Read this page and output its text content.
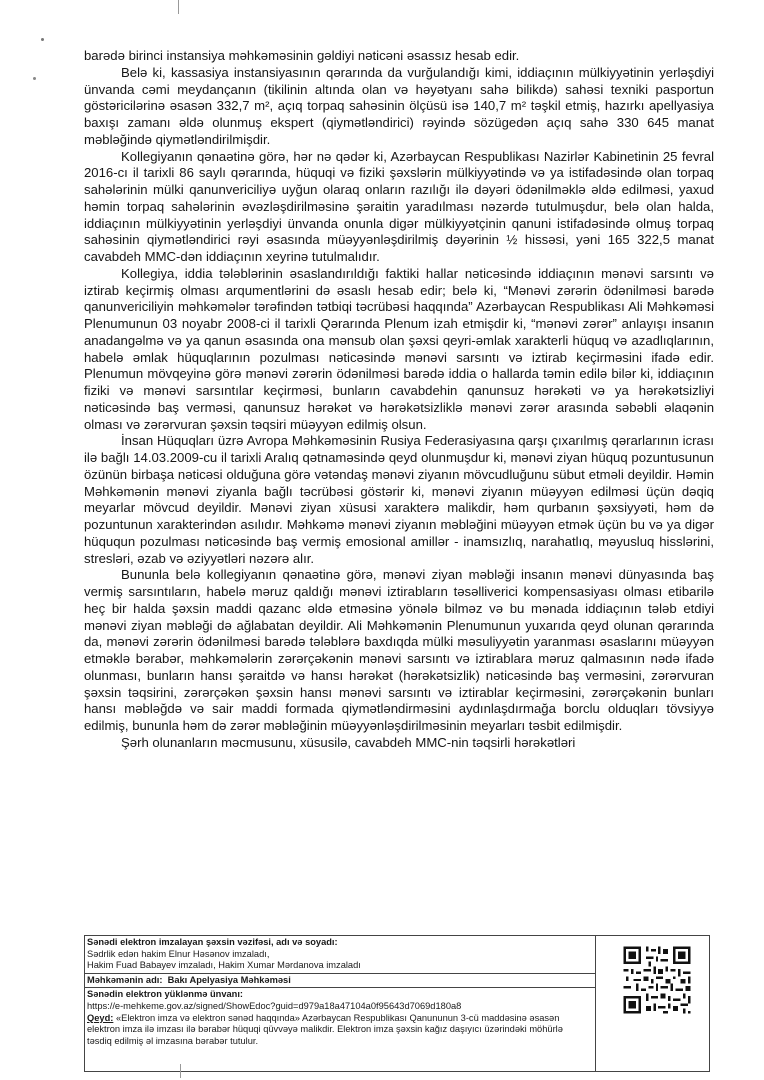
barədə birinci instansiya məhkəməsinin gəldiyi nəticəni əsassız hesab edir.

Belə ki, kassasiya instansiyasının qərarında da vurğulandığı kimi, iddiaçının mülkiyyətinin yerləşdiyi ünvanda cəmi meydançanın (tikilinin altında olan və həyətyanı sahə bilikdə) sahəsi texniki pasportun göstəricilərinə əsasən 332,7 m², açıq torpaq sahəsinin ölçüsü isə 140,7 m² təşkil etmiş, hazırkı apellyasiya baxışı zamanı əldə olunmuş ekspert (qiymətləndirici) rəyində sözügedən açıq sahə 330 645 manat məbləğində qiymətləndirilmişdir.

Kollegiyanın qənaətinə görə, hər nə qədər ki, Azərbaycan Respublikası Nazirlər Kabinetinin 25 fevral 2016-cı il tarixli 86 saylı qərarında, hüquqi və fiziki şəxslərin mülkiyyətində və ya istifadəsində olan torpaq sahələrinin mülki qanunvericiliyə uyğun olaraq onların razılığı ilə dəyəri ödənilməklə əldə edilməsi, yaxud həmin torpaq sahələrinin əvəzləşdirilməsinə şəraitin yaradılması nəzərdə tutulmuşdur, belə olan halda, iddiaçının mülkiyyətinin yerləşdiyi ünvanda onunla digər mülkiyyətçinin qanuni istifadəsində olmuş torpaq sahəsinin qiymətləndirici rəyi əsasında müəyyənləşdirilmiş dəyərinin ½ hissəsi, yəni 165 322,5 manat cavabdeh MMC-dən iddiaçının xeyrinə tutulmalıdır.

Kollegiya, iddia tələblərinin əsaslandırıldığı faktiki hallar nəticəsində iddiaçının mənəvi sarsıntı və iztirab keçirmiş olması arqumentlərini də əsaslı hesab edir; belə ki, “Mənəvi zərərin ödənilməsi barədə qanunvericiliyin məhkəmələr tərəfindən tətbiqi təcrübəsi haqqında” Azərbaycan Respublikası Ali Məhkəməsi Plenumunun 03 noyabr 2008-ci il tarixli Qərarında Plenum izah etmişdir ki, “mənəvi zərər” anlayışı insanın anadangəlmə və ya qanun əsasında ona mənsub olan şəxsi qeyri-əmlak xarakterli hüquq və azadlıqlarının, habelə əmlak hüquqlarının pozulması nəticəsində mənəvi sarsıntı və iztirab keçirməsini ifadə edir. Plenumun mövqeyinə görə mənəvi zərərin ödənilməsi barədə iddia o hallarda təmin edilə bilər ki, iddiaçının fiziki və mənəvi sarsıntılar keçirməsi, bunların cavabdehin qanunsuz hərəkəti və ya hərəkətsizliyi nəticəsində baş verməsi, qanunsuz hərəkət və hərəkətsizliklə mənəvi zərər arasında səbəbli əlaqənin olması və zərərvuran şəxsin təqsiri müəyyən edilmiş olsun.

İnsan Hüquqları üzrə Avropa Məhkəməsinin Rusiya Federasiyasına qarşı çıxarılmış qərarlarının icrası ilə bağlı 14.03.2009-cu il tarixli Aralıq qətnaməsində qeyd olunmuşdur ki, mənəvi ziyan hüquq pozuntusunun özünün birbaşa nəticəsi olduğuna görə vətəndaş mənəvi ziyanın mövcudluğunu sübut etməli deyildir. Həmin Məhkəmənin mənəvi ziyanla bağlı təcrübəsi göstərir ki, mənəvi ziyanın müəyyən edilməsi üçün dəqiq meyarlar mövcud deyildir. Mənəvi ziyan xüsusi xarakterə malikdir, həm qurbanın şəxsiyyəti, həm də pozuntunun xarakterindən asılıdır. Məhkəmə mənəvi ziyanın məbləğini müəyyən etmək üçün bu və ya digər hüququn pozulması nəticəsində baş vermiş emosional amillər - inamsızlıq, narahatlıq, məyusluq hisslərini, stresləri, əzab və əziyyətləri nəzərə alır.

Bununla belə kollegiyanın qənaətinə görə, mənəvi ziyan məbləği insanın mənəvi dünyasında baş vermiş sarsıntıların, habelə məruz qaldığı mənəvi iztirabların təsəllivericі kompensasiyası olması etibarilə heç bir halda şəxsin maddi qazanc əldə etməsinə yönələ bilməz və bu mənada iddiaçının tələb etdiyi mənəvi ziyan məbləği də ağlabatan deyildir. Ali Məhkəmənin Plenumunun yuxarıda qeyd olunan qərarında da, mənəvi zərərin ödənilməsi barədə tələblərə baxdıqda mülki məsuliyyətin yaranması əsaslarını müəyyən etməklə bərabər, məhkəmələrin zərərçəkənin mənəvi sarsıntı və iztirablara məruz qalmasının nədə ifadə olunması, bunların hansı şəraitdə və hansı hərəkət (hərəkətsizlik) nəticəsində baş verməsini, zərərvuran şəxsin təqsirini, zərərçəkən şəxsin hansı mənəvi sarsıntı və iztirablar keçirməsini, zərərçəkənin bunları hansı məbləğdə və sair maddi formada qiymətləndirməsini aydınlaşdırmağa borclu olduqları tövsiyyə edilmiş, bununla həm də zərər məbləğinin müəyyənləşdirilməsinin meyarları təsbit edilmişdir.

Şərh olunanların məcmusunu, xüsusilə, cavabdeh MMC-nin təqsirli hərəkətləri

Sənədi elektron imzalayan şəxsin vəzifəsi, adı və soyadı:
Sədrlik edən hakim Elnur Həsənov imzaladı,
Hakim Fuad Babayev imzaladı, Hakim Xumar Mərdanova imzaladı
Məhkəmənin adı: Bakı Apelyasiya Məhkəməsi
Sənədin elektron yüklənmə ünvanı:
https://e-mehkeme.gov.az/signed/ShowEdoc?guid=d979a18a47104a0f95643d7069d180a8
Qeyd: «Elektron imza və elektron sənəd haqqında» Azərbaycan Respublikası Qanununun 3-cü maddəsinə əsasən
elektron imza ilə imzası ilə bərabər hüquqi qüvvəyə malikdir. Elektron imza şəxsin kağız daşıyıcı üzərindəki möhürlə
təsdiq edilmiş əl imzasına bərabər tutulur.
